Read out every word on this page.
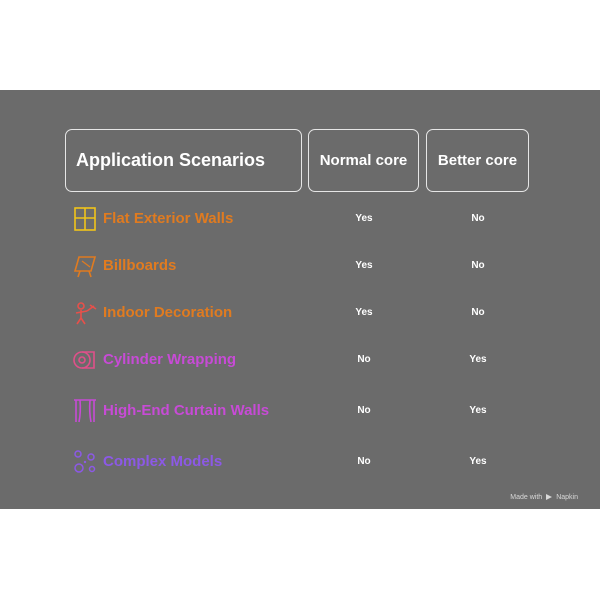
Application Scenarios	Normal core	Better core
Flat Exterior Walls	Yes	No
Billboards	Yes	No
Indoor Decoration	Yes	No
Cylinder Wrapping	No	Yes
High-End Curtain Walls	No	Yes
Complex Models	No	Yes
Made with Napkin
